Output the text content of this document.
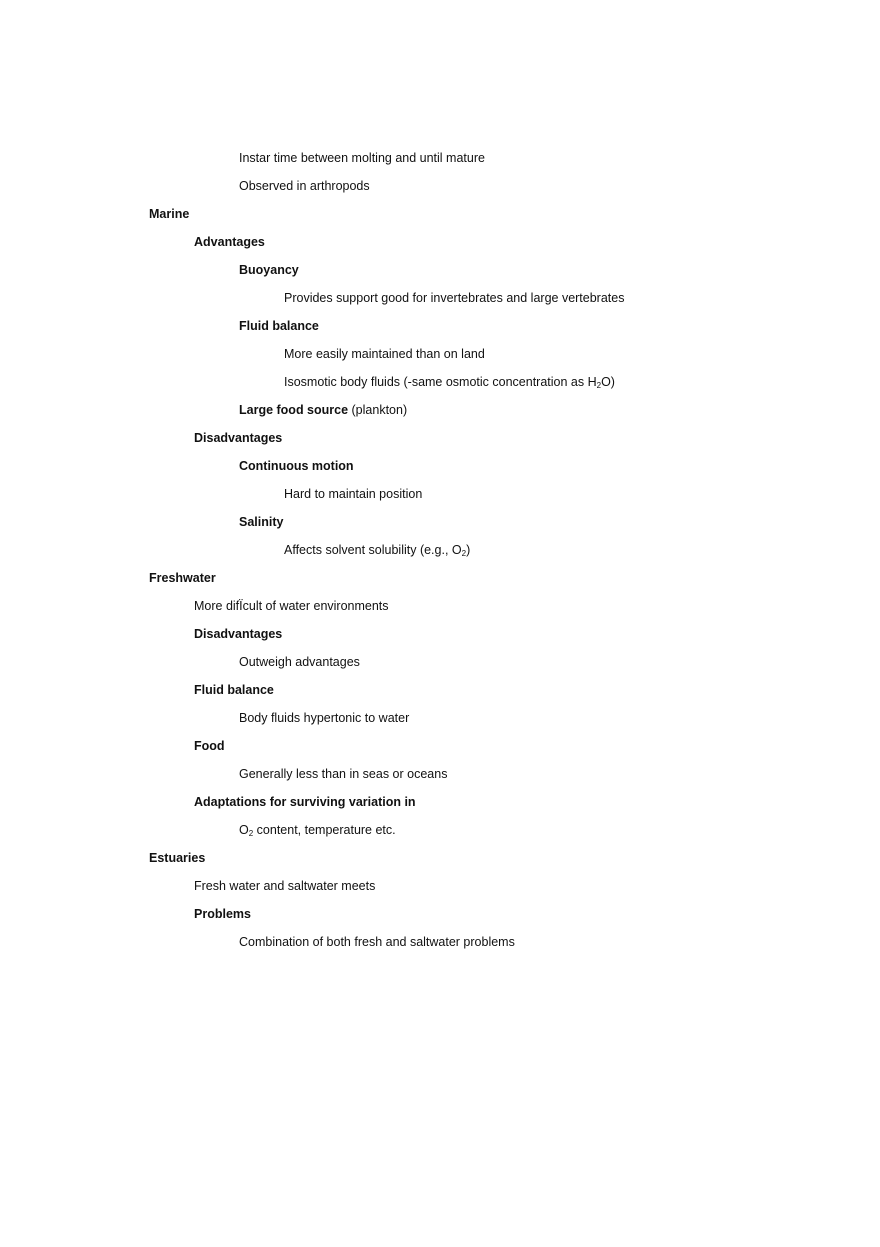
Instar time between molting and until mature
Observed in arthropods
Marine
Advantages
Buoyancy
Provides support good for invertebrates and large vertebrates
Fluid balance
More easily maintained than on land
Isosmotic body fluids (-same osmotic concentration as $H_2O$)
Large food source (plankton)
Disadvantages
Continuous motion
Hard to maintain position
Salinity
Affects solvent solubility (e.g., $O_2$)
Freshwater
More difÏcult of water environments
Disadvantages
Outweigh advantages
Fluid balance
Body fluids hypertonic to water
Food
Generally less than in seas or oceans
Adaptations for surviving variation in
$O_2$ content, temperature etc.
Estuaries
Fresh water and saltwater meets
Problems
Combination of both fresh and saltwater problems
